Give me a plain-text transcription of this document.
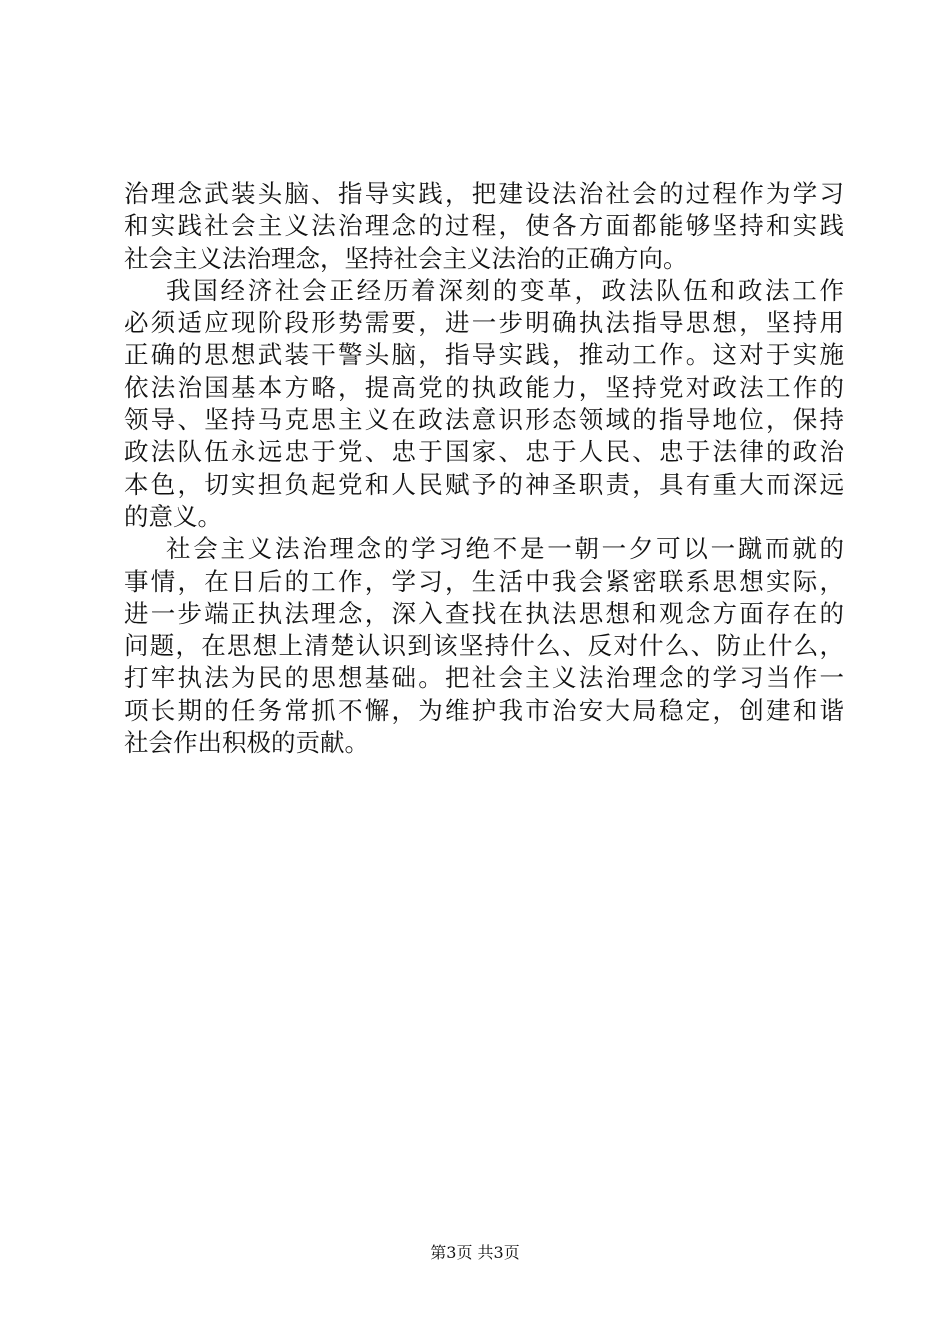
治理念武装头脑、指导实践，把建设法治社会的过程作为学习
和实践社会主义法治理念的过程，使各方面都能够坚持和实践
社会主义法治理念，坚持社会主义法治的正确方向。
我国经济社会正经历着深刻的变革，政法队伍和政法工作
必须适应现阶段形势需要，进一步明确执法指导思想，坚持用
正确的思想武装干警头脑，指导实践，推动工作。这对于实施
依法治国基本方略，提高党的执政能力，坚持党对政法工作的
领导、坚持马克思主义在政法意识形态领域的指导地位，保持
政法队伍永远忠于党、忠于国家、忠于人民、忠于法律的政治
本色，切实担负起党和人民赋予的神圣职责，具有重大而深远
的意义。
社会主义法治理念的学习绝不是一朝一夕可以一蹴而就的
事情，在日后的工作，学习，生活中我会紧密联系思想实际，
进一步端正执法理念，深入查找在执法思想和观念方面存在的
问题，在思想上清楚认识到该坚持什么、反对什么、防止什么，
打牢执法为民的思想基础。把社会主义法治理念的学习当作一
项长期的任务常抓不懈，为维护我市治安大局稳定，创建和谐
社会作出积极的贡献。
第3页 共3页
